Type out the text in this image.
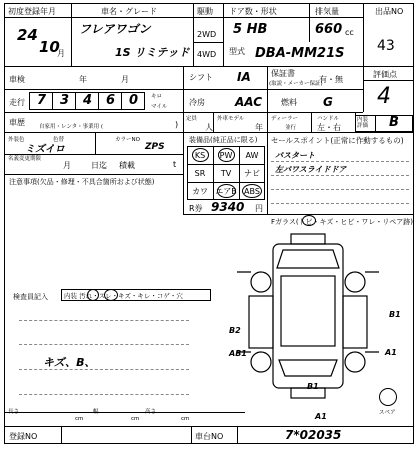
初度登録年月
24
10
月
車名・グレード
フレアワゴン
1S リミテッド
駆動
2WD
4WD
ドア数・形状
5 HB
排気量
660 cc
型式 DBA-MM21S
出品NO
43
車検	年	月	シフト IA	保証書
(取説・メーカー保証)
有・無
評価点
4
走行 7 3 4 6 0 キロ
マイル	冷房	AAC 燃料 G
車歴	自家用・レンタ・事業用 (	)
定員
人
外車モデル
年
ディーラー
並行
ハンドル
左・右
内装評価	B
外装色
ミズイロ
色替	カラーNO
ZPS
名義変更期限
月	日迄 積載	t
注意事項(欠品・修理・不具合箇所および状態)
装備品(純正品に限る)
KS	PW	AW
SR	TV	ナビ
カワ エアB ABS
R券 9340 円
セールスポイント(正常に作動するもの)
パスタート
左パワスライドドア
Fガラス(トビ・キズ・ヒビ・ワレ・リペア跡)
検査員記入 内装 汚れ・スレ・キズ・キレ・コゲ・穴
キズ、B、
B1
B2
AB1
B1
A1
A1
スペア
長さ
cm
幅
cm
高さ
cm
登録NO	車台NO	7*02035
